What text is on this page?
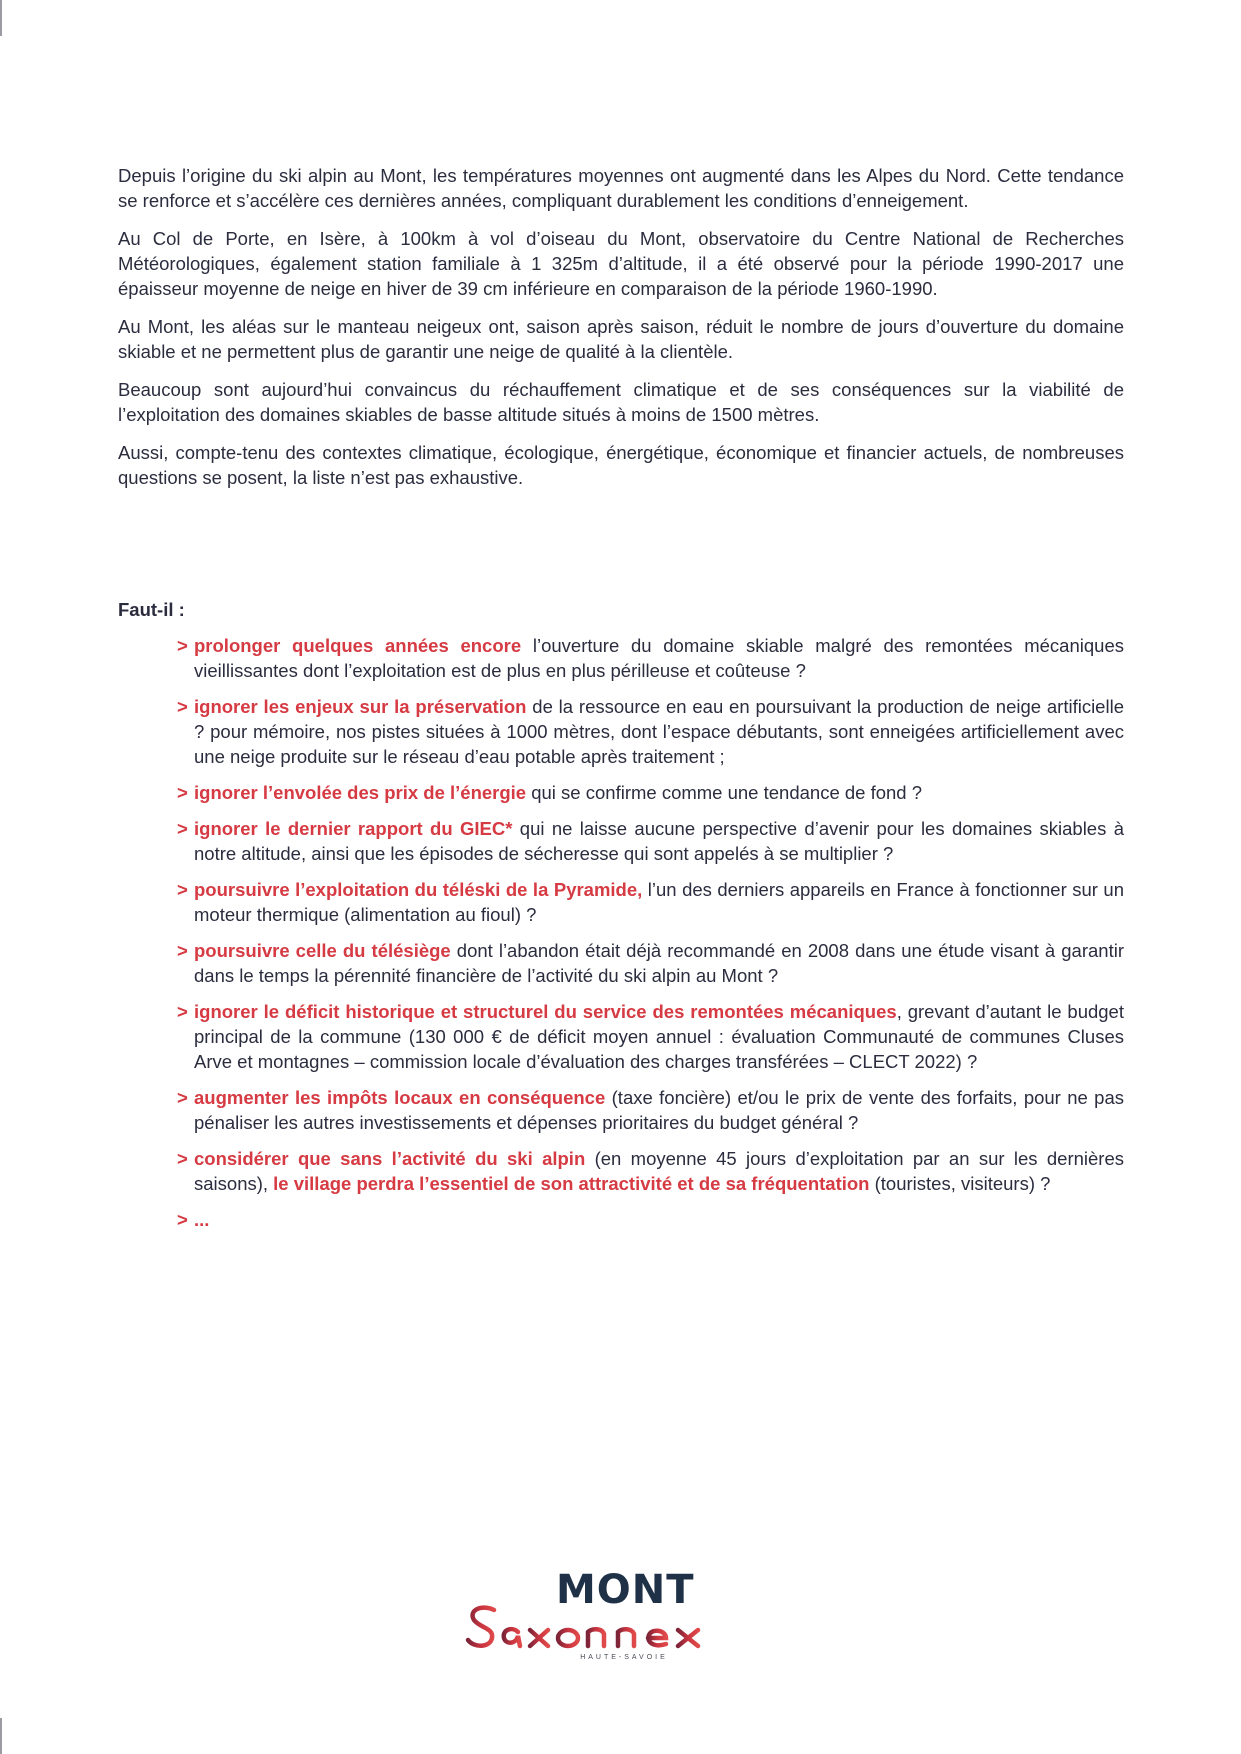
Depuis l’origine du ski alpin au Mont, les températures moyennes ont augmenté dans les Alpes du Nord. Cette tendance se renforce et s’accélère ces dernières années, compliquant durablement les conditions d’enneigement.

Au Col de Porte, en Isère, à 100km à vol d’oiseau du Mont, observatoire du Centre National de Recherches Météorologiques, également station familiale à 1 325m d’altitude, il a été observé pour la période 1990-2017 une épaisseur moyenne de neige en hiver de 39 cm inférieure en comparaison de la période 1960-1990.

Au Mont, les aléas sur le manteau neigeux ont, saison après saison, réduit le nombre de jours d’ouverture du domaine skiable et ne permettent plus de garantir une neige de qualité à la clientèle.

Beaucoup sont aujourd’hui convaincus du réchauffement climatique et de ses conséquences sur la viabilité de l’exploitation des domaines skiables de basse altitude situés à moins de 1500 mètres.

Aussi, compte-tenu des contextes climatique, écologique, énergétique, économique et financier actuels, de nombreuses questions se posent, la liste n’est pas exhaustive.

Faut-il :
> prolonger quelques années encore l’ouverture du domaine skiable malgré des remontées mécaniques vieillissantes dont l’exploitation est de plus en plus périlleuse et coûteuse ?
> ignorer les enjeux sur la préservation de la ressource en eau en poursuivant la production de neige artificielle ? pour mémoire, nos pistes situées à 1000 mètres, dont l’espace débutants, sont enneigées artificiellement avec une neige produite sur le réseau d’eau potable après traitement ;
> ignorer l’envolée des prix de l’énergie qui se confirme comme une tendance de fond ?
> ignorer le dernier rapport du GIEC* qui ne laisse aucune perspective d’avenir pour les domaines skiables à notre altitude, ainsi que les épisodes de sécheresse qui sont appelés à se multiplier ?
> poursuivre l’exploitation du téléski de la Pyramide, l’un des derniers appareils en France à fonctionner sur un moteur thermique (alimentation au fioul) ?
> poursuivre celle du télésiège dont l’abandon était déjà recommandé en 2008 dans une étude visant à garantir dans le temps la pérennité financière de l’activité du ski alpin au Mont ?
> ignorer le déficit historique et structurel du service des remontées mécaniques, grevant d’autant le budget principal de la commune (130 000 € de déficit moyen annuel : évaluation Communauté de communes Cluses Arve et montagnes – commission locale d’évaluation des charges transférées – CLECT 2022) ?
> augmenter les impôts locaux en conséquence (taxe foncière) et/ou le prix de vente des forfaits, pour ne pas pénaliser les autres investissements et dépenses prioritaires du budget général ?
> considérer que sans l’activité du ski alpin (en moyenne 45 jours d’exploitation par an sur les dernières saisons), le village perdra l’essentiel de son attractivité et de sa fréquentation (touristes, visiteurs) ?
> ...
MONT
HAUTE-SAVOIE
